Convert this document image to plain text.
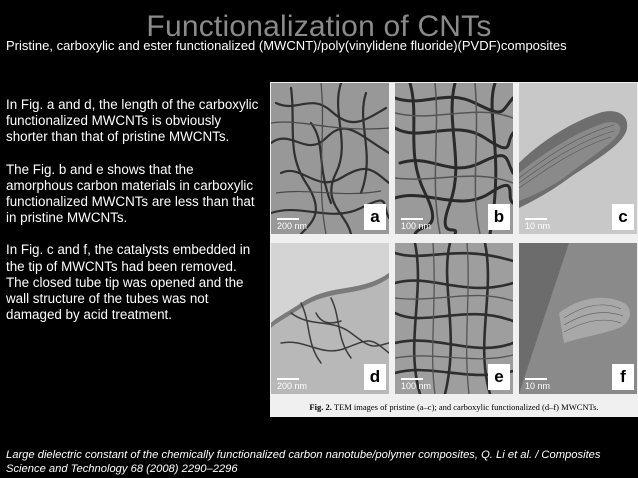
Functionalization of CNTs
Pristine, carboxylic and ester functionalized (MWCNT)/poly(vinylidene fluoride)(PVDF)composites

In Fig. a and d, the length of the carboxylic functionalized MWCNTs is obviously shorter than that of pristine MWCNTs.

The Fig. b and e shows that the amorphous carbon materials in carboxylic functionalized MWCNTs are less than that in pristine MWCNTs.

In Fig. c and f, the catalysts embedded in the tip of MWCNTs had been removed. The closed tube tip was opened and the wall structure of the tubes was not damaged by acid treatment.

200 nm	a	100 nm	b	10 nm	c
200 nm	d	100 nm	e	10 nm	f
Fig. 2. TEM images of pristine (a–c); and carboxylic functionalized (d–f) MWCNTs.
Large dielectric constant of the chemically functionalized carbon nanotube/polymer composites, Q. Li et al. / Composites Science and Technology 68 (2008) 2290–2296
